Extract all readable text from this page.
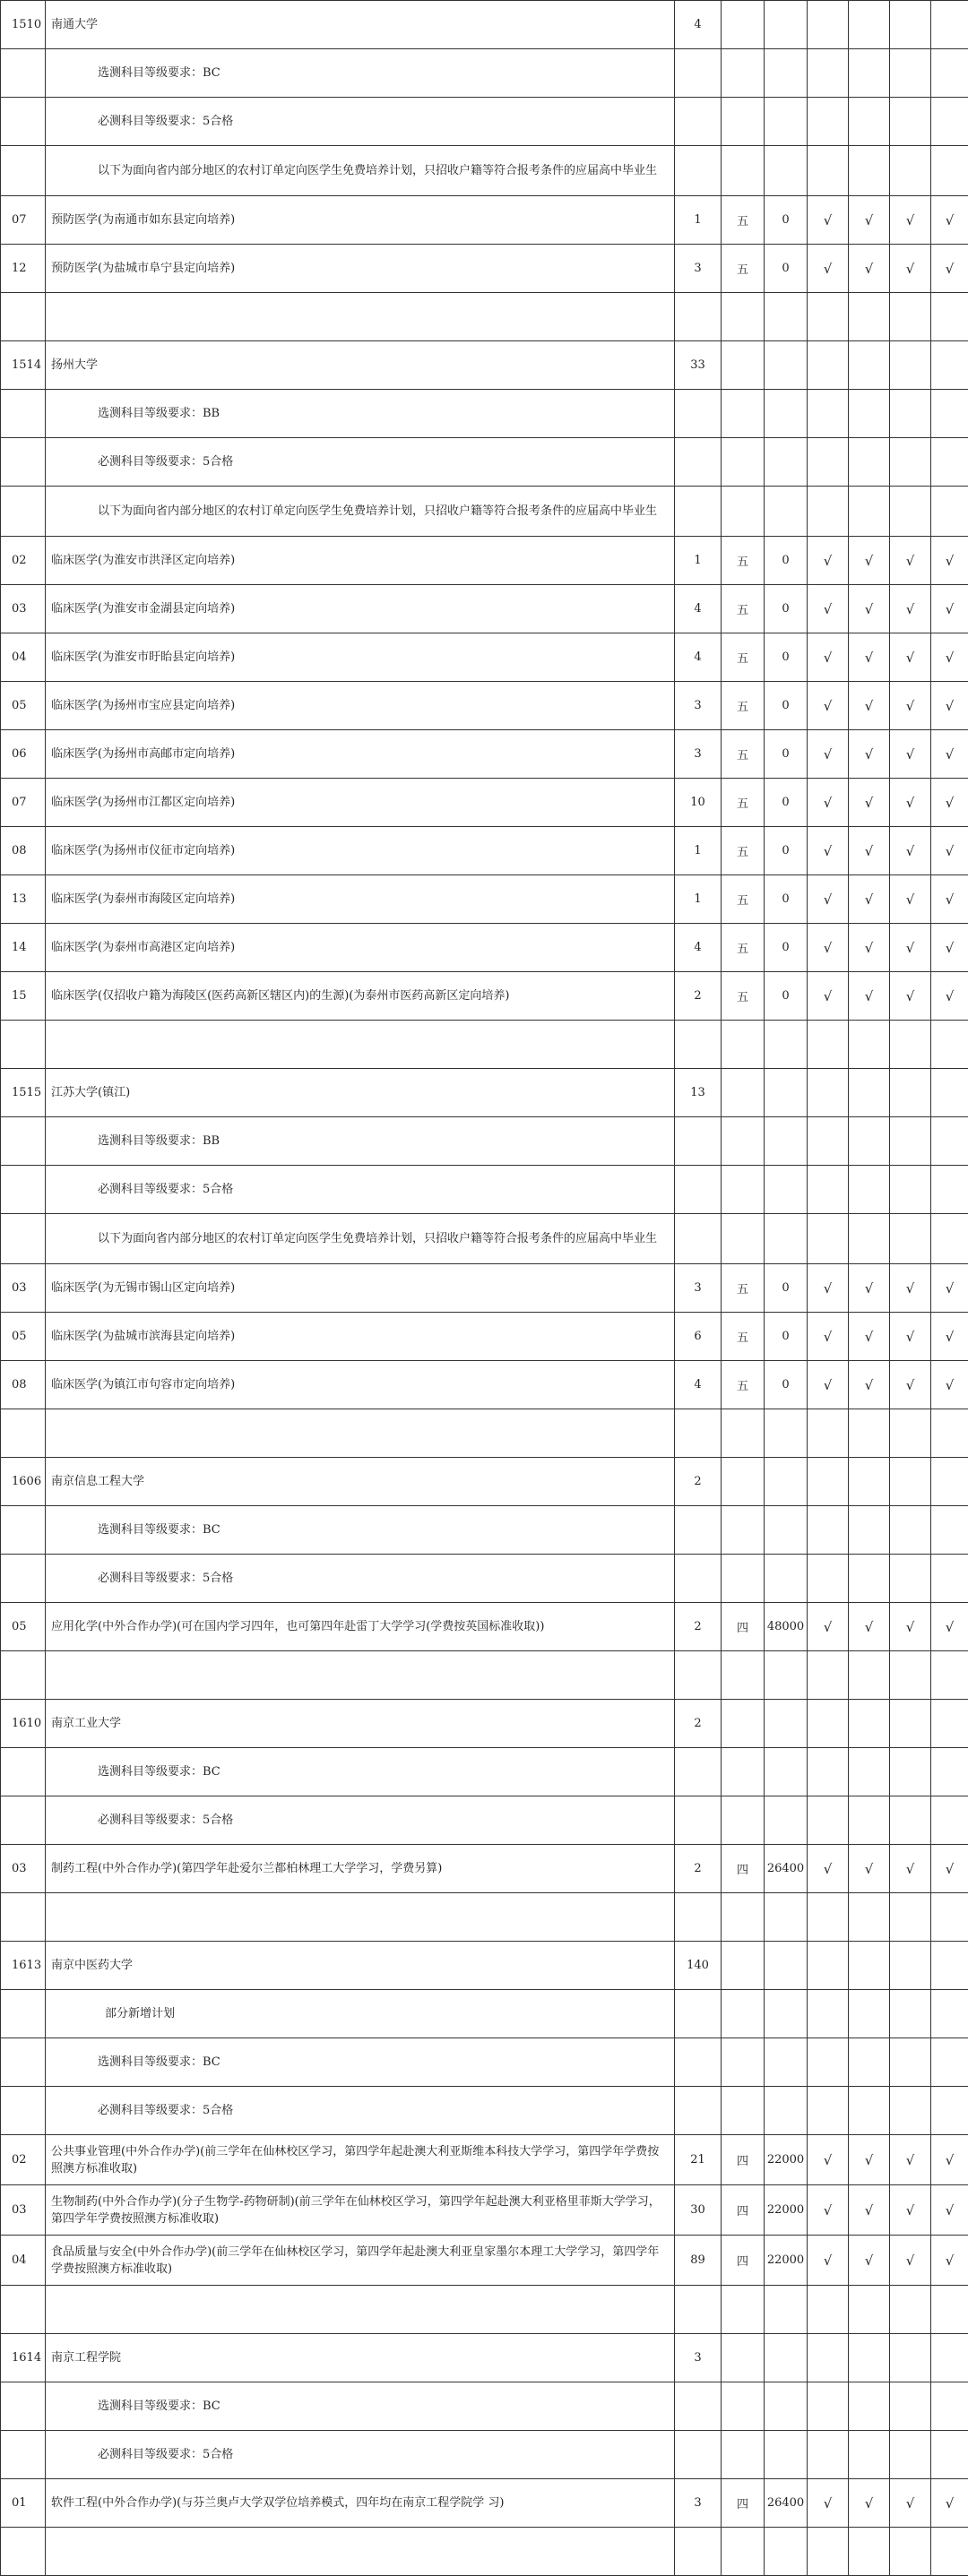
1510	南通大学	4						
	选测科目等级要求：BC							
	必测科目等级要求：5合格							
	以下为面向省内部分地区的农村订单定向医学生免费培养计划，只招收户籍等符合报考条件的应届高中毕业生							
07	预防医学(为南通市如东县定向培养)	1	五	0	√	√	√	√
12	预防医学(为盐城市阜宁县定向培养)	3	五	0	√	√	√	√

1514	扬州大学	33						
	选测科目等级要求：BB							
	必测科目等级要求：5合格							
	以下为面向省内部分地区的农村订单定向医学生免费培养计划，只招收户籍等符合报考条件的应届高中毕业生							
02	临床医学(为淮安市洪泽区定向培养)	1	五	0	√	√	√	√
03	临床医学(为淮安市金湖县定向培养)	4	五	0	√	√	√	√
04	临床医学(为淮安市盱眙县定向培养)	4	五	0	√	√	√	√
05	临床医学(为扬州市宝应县定向培养)	3	五	0	√	√	√	√
06	临床医学(为扬州市高邮市定向培养)	3	五	0	√	√	√	√
07	临床医学(为扬州市江都区定向培养)	10	五	0	√	√	√	√
08	临床医学(为扬州市仪征市定向培养)	1	五	0	√	√	√	√
13	临床医学(为泰州市海陵区定向培养)	1	五	0	√	√	√	√
14	临床医学(为泰州市高港区定向培养)	4	五	0	√	√	√	√
15	临床医学(仅招收户籍为海陵区(医药高新区辖区内)的生源)(为泰州市医药高新区定向培养)	2	五	0	√	√	√	√

1515	江苏大学(镇江)	13						
	选测科目等级要求：BB							
	必测科目等级要求：5合格							
	以下为面向省内部分地区的农村订单定向医学生免费培养计划，只招收户籍等符合报考条件的应届高中毕业生							
03	临床医学(为无锡市锡山区定向培养)	3	五	0	√	√	√	√
05	临床医学(为盐城市滨海县定向培养)	6	五	0	√	√	√	√
08	临床医学(为镇江市句容市定向培养)	4	五	0	√	√	√	√

1606	南京信息工程大学	2						
	选测科目等级要求：BC							
	必测科目等级要求：5合格							
05	应用化学(中外合作办学)(可在国内学习四年，也可第四年赴雷丁大学学习(学费按英国标准收取))	2	四	48000	√	√	√	√

1610	南京工业大学	2						
	选测科目等级要求：BC							
	必测科目等级要求：5合格							
03	制药工程(中外合作办学)(第四学年赴爱尔兰都柏林理工大学学习，学费另算)	2	四	26400	√	√	√	√

1613	南京中医药大学	140						
	部分新增计划							
	选测科目等级要求：BC							
	必测科目等级要求：5合格							
02	公共事业管理(中外合作办学)(前三学年在仙林校区学习，第四学年起赴澳大利亚斯维本科技大学学习，第四学年学费按照澳方标准收取)	21	四	22000	√	√	√	√
03	生物制药(中外合作办学)(分子生物学-药物研制)(前三学年在仙林校区学习，第四学年起赴澳大利亚格里菲斯大学学习，第四学年学费按照澳方标准收取)	30	四	22000	√	√	√	√
04	食品质量与安全(中外合作办学)(前三学年在仙林校区学习，第四学年起赴澳大利亚皇家墨尔本理工大学学习，第四学年学费按照澳方标准收取)	89	四	22000	√	√	√	√

1614	南京工程学院	3						
	选测科目等级要求：BC							
	必测科目等级要求：5合格							
01	软件工程(中外合作办学)(与芬兰奥卢大学双学位培养模式，四年均在南京工程学院学 习)	3	四	26400	√	√	√	√
